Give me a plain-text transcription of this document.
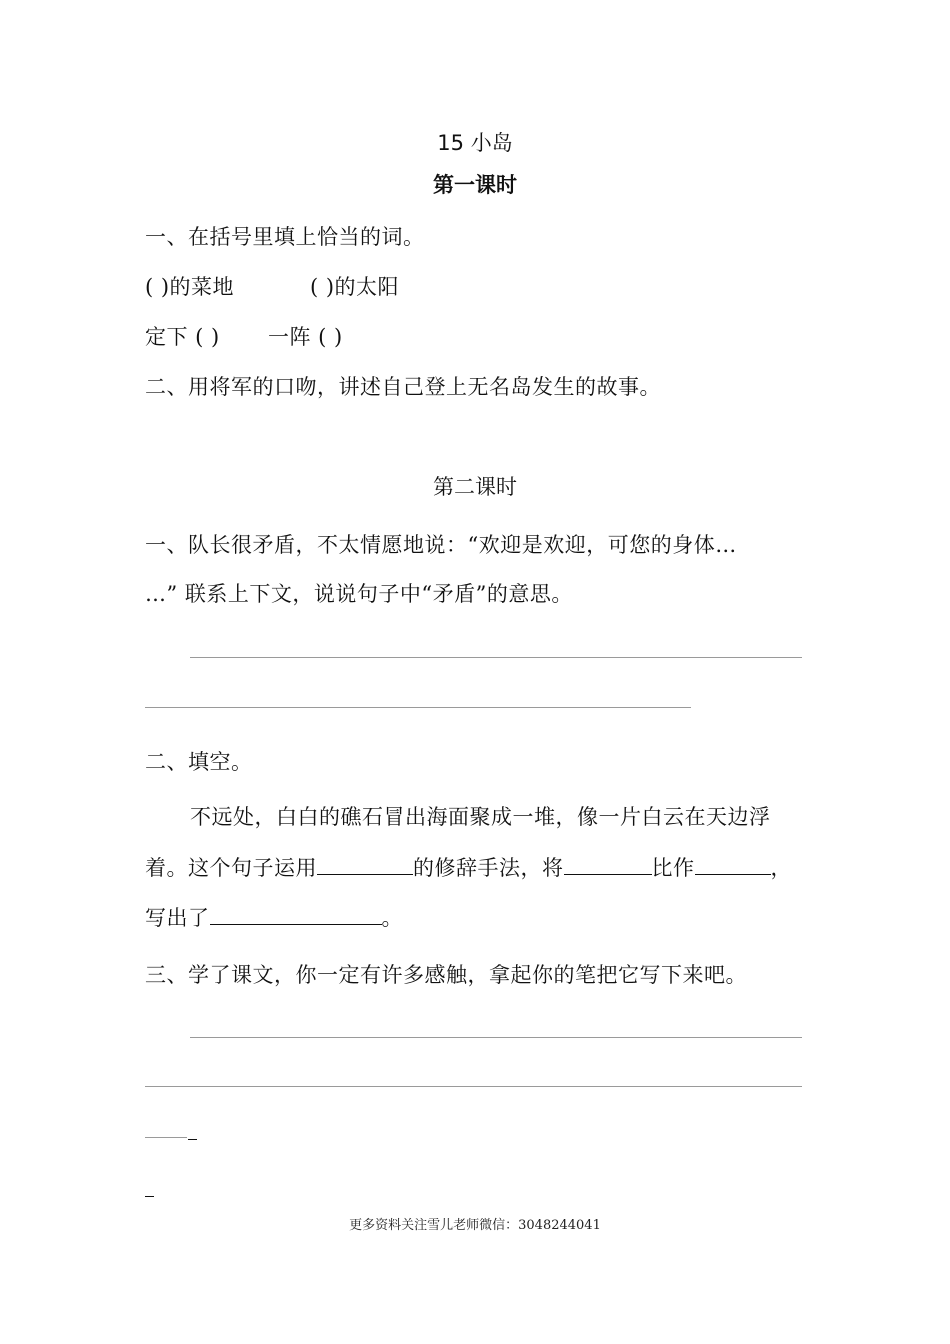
15 小岛
第一课时
一、在括号里填上恰当的词。
( )的菜地	( )的太阳
定下 ( ) 一阵 ( )
二、用将军的口吻，讲述自己登上无名岛发生的故事。
第二课时
一、队长很矛盾，不太情愿地说：“欢迎是欢迎，可您的身体…
…” 联系上下文，说说句子中“矛盾”的意思。
二、填空。
不远处，白白的礁石冒出海面聚成一堆，像一片白云在天边浮
着。这个句子运用	的修辞手法，将	比作	，
写出了	。
三、学了课文，你一定有许多感触，拿起你的笔把它写下来吧。
更多资料关注雪儿老师微信：3048244041
